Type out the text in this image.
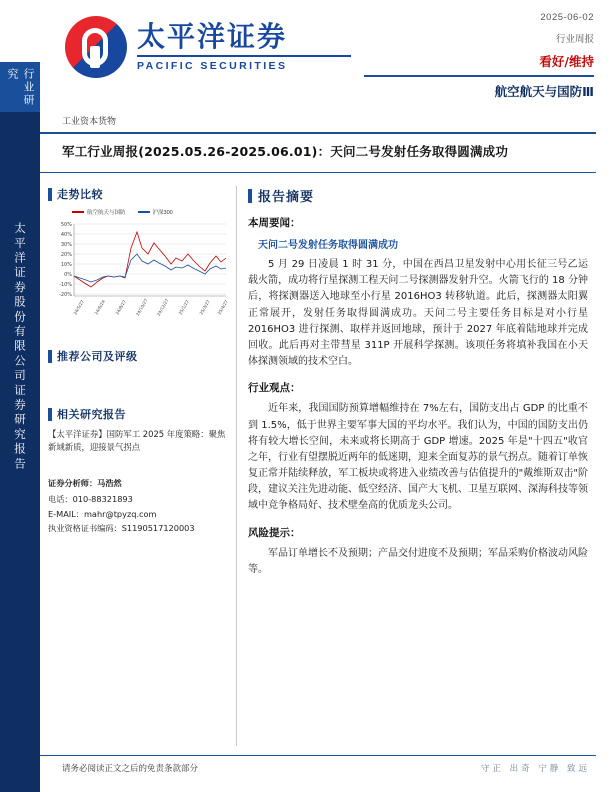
行业研究
太平洋证券股份有限公司证券研究报告
太平洋证券
PACIFIC SECURITIES
2025-06-02
行业周报
看好/维持
航空航天与国防Ⅲ
工业资本货物
军工行业周报(2025.05.26-2025.06.01)：天问二号发射任务取得圆满成功
走势比较
航空航天与国防	沪深300
50%
40%
30%
20%
10%
0%
-10%
-20%
24/5/27 24/6/24 24/8/27 24/10/27 24/12/27 25/1/27 25/3/27 25/4/27
推荐公司及评级
相关研究报告
【太平洋证券】国防军工 2025 年度策略：聚焦新域新质，迎接景气拐点
证券分析师：马浩然
电话：010-88321893
E-MAIL：mahr@tpyzq.com
执业资格证书编码：S1190517120003
报告摘要
本周要闻：
天问二号发射任务取得圆满成功

5 月 29 日凌晨 1 时 31 分，中国在西昌卫星发射中心用长征三号乙运载火箭，成功将行星探测工程天问二号探测器发射升空。火箭飞行的 18 分钟后，将探测器送入地球至小行星 2016HO3 转移轨道。此后，探测器太阳翼正常展开，发射任务取得圆满成功。天问二号主要任务目标是对小行星 2016HO3 进行探测、取样并返回地球，预计于 2027 年底着陆地球并完成回收。此后再对主带彗星 311P 开展科学探测。该项任务将填补我国在小天体探测领域的技术空白。

行业观点：

近年来，我国国防预算增幅维持在 7%左右，国防支出占 GDP 的比重不到 1.5%，低于世界主要军事大国的平均水平。我们认为，中国的国防支出仍将有较大增长空间，未来或将长期高于 GDP 增速。2025 年是"十四五"收官之年，行业有望摆脱近两年的低迷期，迎来全面复苏的景气拐点。随着订单恢复正常并陆续释放，军工板块或将进入业绩改善与估值提升的"戴维斯双击"阶段，建议关注先进动能、低空经济、国产大飞机、卫星互联网、深海科技等领域中竞争格局好、技术壁垒高的优质龙头公司。

风险提示：

军品订单增长不及预期；产品交付进度不及预期；军品采购价格波动风险等。

请务必阅读正文之后的免责条款部分	守正 出奇 宁静 致远
